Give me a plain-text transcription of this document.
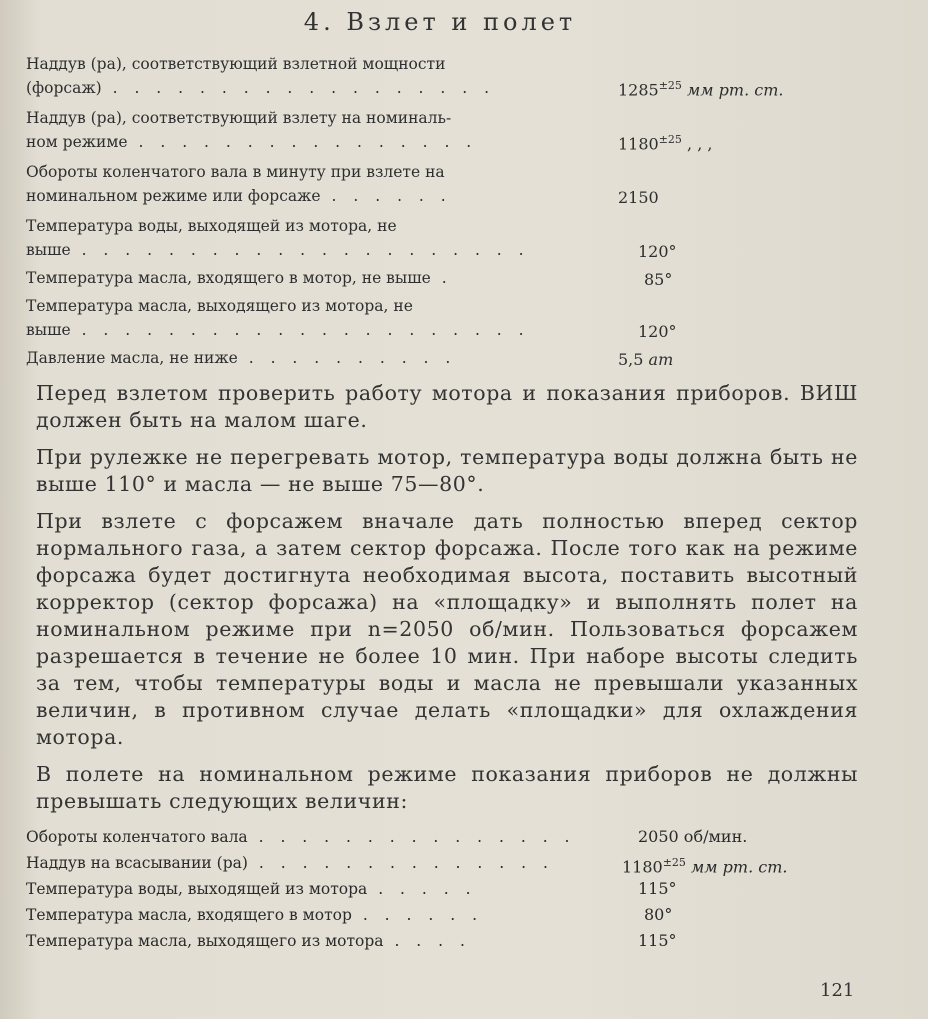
4. Взлет и полет
Наддув (pа), соответствующий взлетной мощности
(форсаж) . . . . . . . . . . . . . . . . . .	$1285^{\pm 25}$ мм рт. ст.
Наддув (pа), соответствующий взлету на номиналь-
ном режиме . . . . . . . . . . . . . . . .	$1180^{\pm 25}$ , , ,
Обороты коленчатого вала в минуту при взлете на
номинальном режиме или форсаже . . . . . .	2150
Температура воды, выходящей из мотора, не
выше . . . . . . . . . . . . . . . . . . . . .	120°
Температура масла, входящего в мотор, не выше .	85°
Температура масла, выходящего из мотора, не
выше . . . . . . . . . . . . . . . . . . . . .	120°
Давление масла, не ниже . . . . . . . . . .	5,5 ат

Перед взлетом проверить работу мотора и показания приборов. ВИШ должен быть на малом шаге.

При рулежке не перегревать мотор, температура воды должна быть не выше 110° и масла — не выше 75—80°.

При взлете с форсажем вначале дать полностью вперед сектор нормального газа, а затем сектор форсажа. После того как на режиме форсажа будет достигнута необходимая высота, поставить высотный корректор (сектор форсажа) на «площадку» и выполнять полет на номинальном режиме при n=2050 об/мин. Пользоваться форсажем разрешается в течение не более 10 мин. При наборе высоты следить за тем, чтобы температуры воды и масла не превышали указанных величин, в противном случае делать «площадки» для охлаждения мотора.

В полете на номинальном режиме показания приборов не должны превышать следующих величин:

Обороты коленчатого вала . . . . . . . . . . . . . . .	2050 об/мин.
Наддув на всасывании (pа) . . . . . . . . . . . . . .	$1180^{\pm 25}$ мм рт. ст.
Температура воды, выходящей из мотора . . . . .	115°
Температура масла, входящего в мотор . . . . . .	80°
Температура масла, выходящего из мотора . . . .	115°
121
